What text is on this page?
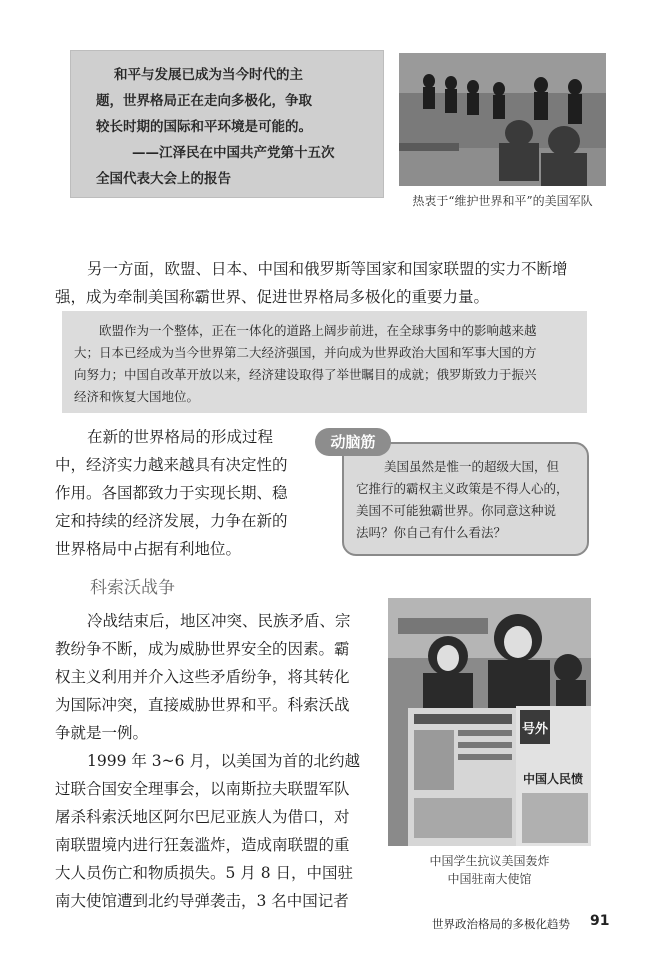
和平与发展已成为当今时代的主
题，世界格局正在走向多极化，争取
较长时期的国际和平环境是可能的。
——江泽民在中国共产党第十五次
全国代表大会上的报告
热衷于“维护世界和平”的美国军队
另一方面，欧盟、日本、中国和俄罗斯等国家和国家联盟的实力不断增
强，成为牵制美国称霸世界、促进世界格局多极化的重要力量。
欧盟作为一个整体，正在一体化的道路上阔步前进，在全球事务中的影响越来越
大；日本已经成为当今世界第二大经济强国，并向成为世界政治大国和军事大国的方
向努力；中国自改革开放以来，经济建设取得了举世瞩目的成就；俄罗斯致力于振兴
经济和恢复大国地位。
在新的世界格局的形成过程
中，经济实力越来越具有决定性的
作用。各国都致力于实现长期、稳
定和持续的经济发展，力争在新的
世界格局中占据有利地位。
美国虽然是惟一的超级大国，但
它推行的霸权主义政策是不得人心的，
美国不可能独霸世界。你同意这种说
法吗？你自己有什么看法？
动脑筋
科索沃战争
冷战结束后，地区冲突、民族矛盾、宗
教纷争不断，成为威胁世界安全的因素。霸
权主义利用并介入这些矛盾纷争，将其转化
为国际冲突，直接威胁世界和平。科索沃战
争就是一例。
1999 年 3~6 月，以美国为首的北约越
过联合国安全理事会，以南斯拉夫联盟军队
屠杀科索沃地区阿尔巴尼亚族人为借口，对
南联盟境内进行狂轰滥炸，造成南联盟的重
大人员伤亡和物质损失。5 月 8 日，中国驻
南大使馆遭到北约导弹袭击，3 名中国记者
号外
中国人民愤
中国学生抗议美国轰炸
中国驻南大使馆
世界政治格局的多极化趋势 91
